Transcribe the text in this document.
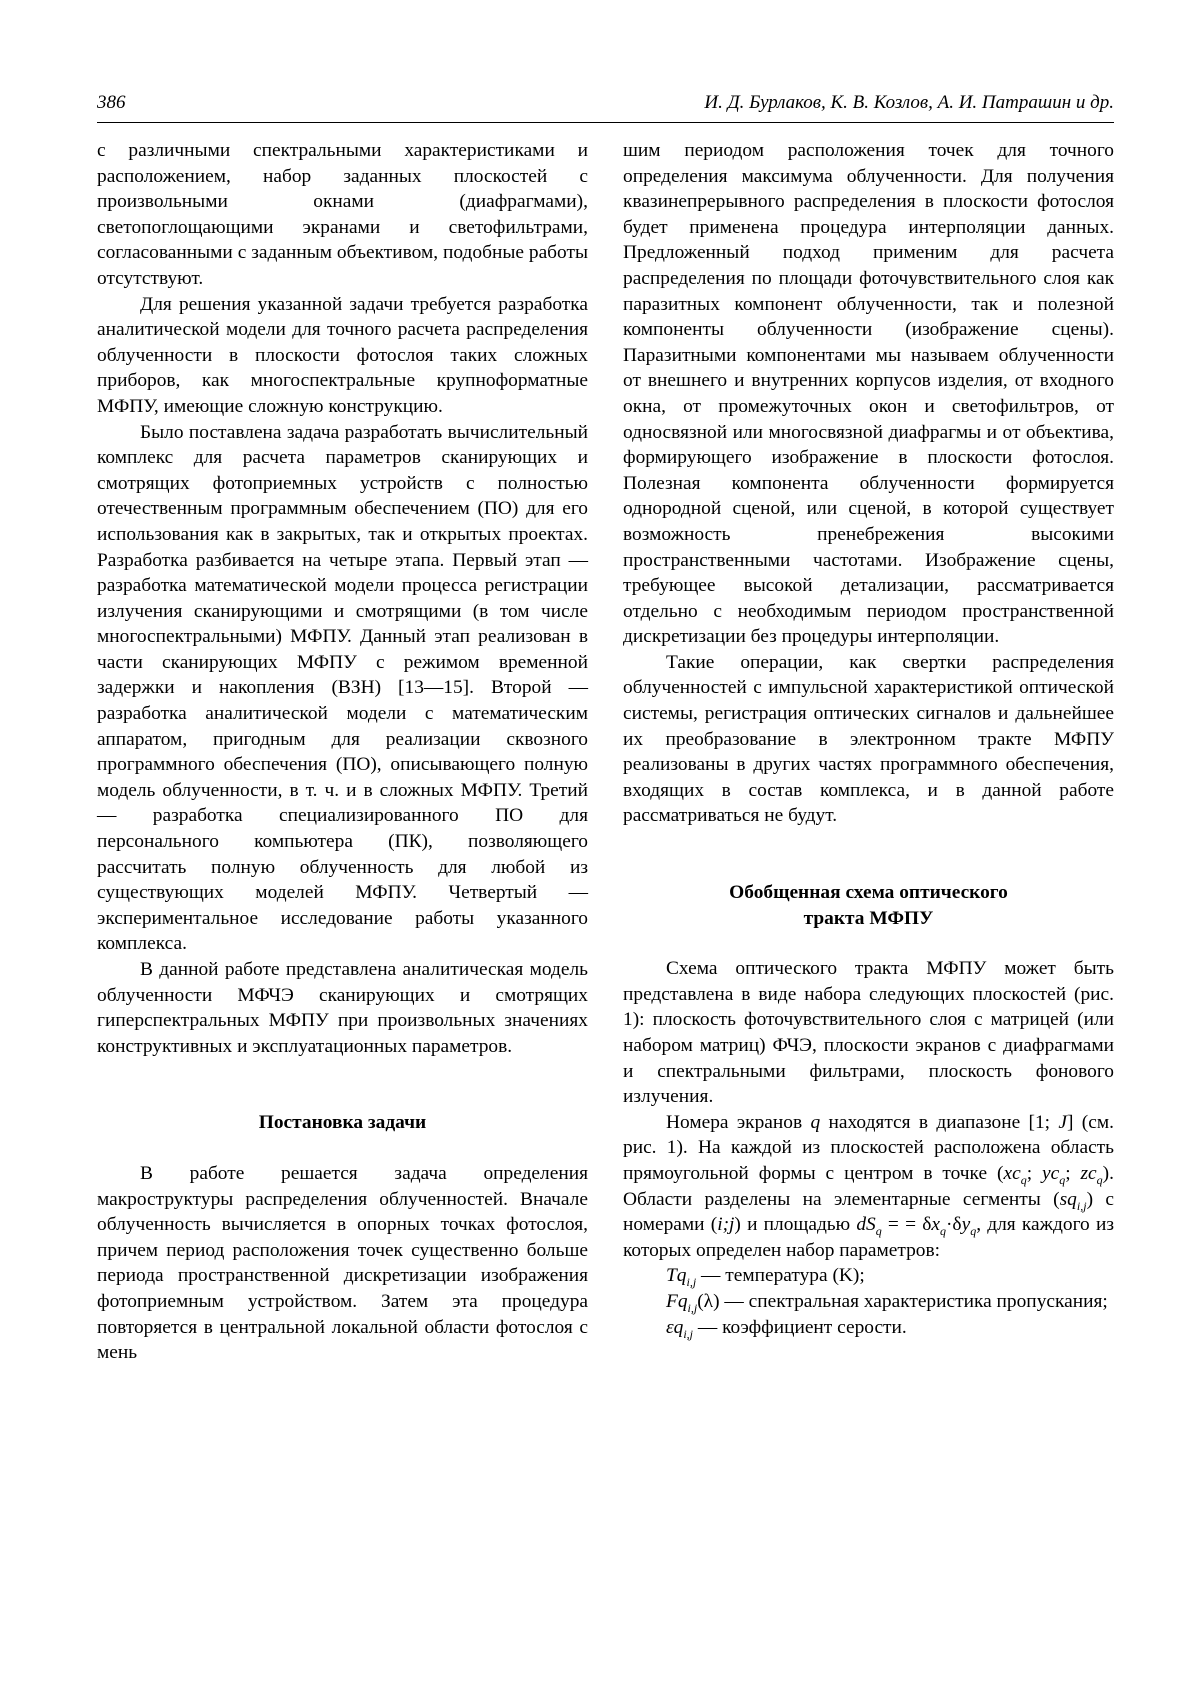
386	И. Д. Бурлаков, К. В. Козлов, А. И. Патрашин и др.

с различными спектральными характеристиками и расположением, набор заданных плоскостей с произвольными окнами (диафрагмами), светопоглощающими экранами и светофильтрами, согласованными с заданным объективом, подобные работы отсутствуют.

Для решения указанной задачи требуется разработка аналитической модели для точного расчета распределения облученности в плоскости фотослоя таких сложных приборов, как многоспектральные крупноформатные МФПУ, имеющие сложную конструкцию.

Было поставлена задача разработать вычислительный комплекс для расчета параметров сканирующих и смотрящих фотоприемных устройств с полностью отечественным программным обеспечением (ПО) для его использования как в закрытых, так и открытых проектах. Разработка разбивается на четыре этапа. Первый этап — разработка математической модели процесса регистрации излучения сканирующими и смотрящими (в том числе многоспектральными) МФПУ. Данный этап реализован в части сканирующих МФПУ с режимом временной задержки и накопления (ВЗН) [13—15]. Второй — разработка аналитической модели с математическим аппаратом, пригодным для реализации сквозного программного обеспечения (ПО), описывающего полную модель облученности, в т. ч. и в сложных МФПУ. Третий — разработка специализированного ПО для персонального компьютера (ПК), позволяющего рассчитать полную облученность для любой из существующих моделей МФПУ. Четвертый — экспериментальное исследование работы указанного комплекса.

В данной работе представлена аналитическая модель облученности МФЧЭ сканирующих и смотрящих гиперспектральных МФПУ при произвольных значениях конструктивных и эксплуатационных параметров.

Постановка задачи

В работе решается задача определения макроструктуры распределения облученностей. Вначале облученность вычисляется в опорных точках фотослоя, причем период расположения точек существенно больше периода пространственной дискретизации изображения фотоприемным устройством. Затем эта процедура повторяется в центральной локальной области фотослоя с мень

шим периодом расположения точек для точного определения максимума облученности. Для получения квазинепрерывного распределения в плоскости фотослоя будет применена процедура интерполяции данных. Предложенный подход применим для расчета распределения по площади фоточувствительного слоя как паразитных компонент облученности, так и полезной компоненты облученности (изображение сцены). Паразитными компонентами мы называем облученности от внешнего и внутренних корпусов изделия, от входного окна, от промежуточных окон и светофильтров, от односвязной или многосвязной диафрагмы и от объектива, формирующего изображение в плоскости фотослоя. Полезная компонента облученности формируется однородной сценой, или сценой, в которой существует возможность пренебрежения высокими пространственными частотами. Изображение сцены, требующее высокой детализации, рассматривается отдельно с необходимым периодом пространственной дискретизации без процедуры интерполяции.

Такие операции, как свертки распределения облученностей с импульсной характеристикой оптической системы, регистрация оптических сигналов и дальнейшее их преобразование в электронном тракте МФПУ реализованы в других частях программного обеспечения, входящих в состав комплекса, и в данной работе рассматриваться не будут.

Обобщенная схема оптического
тракта МФПУ

Схема оптического тракта МФПУ может быть представлена в виде набора следующих плоскостей (рис. 1): плоскость фоточувствительного слоя с матрицей (или набором матриц) ФЧЭ, плоскости экранов с диафрагмами и спектральными фильтрами, плоскость фонового излучения.

Номера экранов q находятся в диапазоне [1; J] (см. рис. 1). На каждой из плоскостей расположена область прямоугольной формы с центром в точке ($xc_q$; $yc_q$; $zc_q$). Области разделены на элементарные сегменты $(sq_{i,j})$ с номерами (i;j) и площадью $dS_q$ = = $\delta x_q\cdot\delta y_q$, для каждого из которых определен набор параметров:

$Tq_{i,j}$ — температура (K);

$Fq_{i,j}(\lambda)$ — спектральная характеристика пропускания;

$\varepsilon q_{i,j}$ — коэффициент серости.
